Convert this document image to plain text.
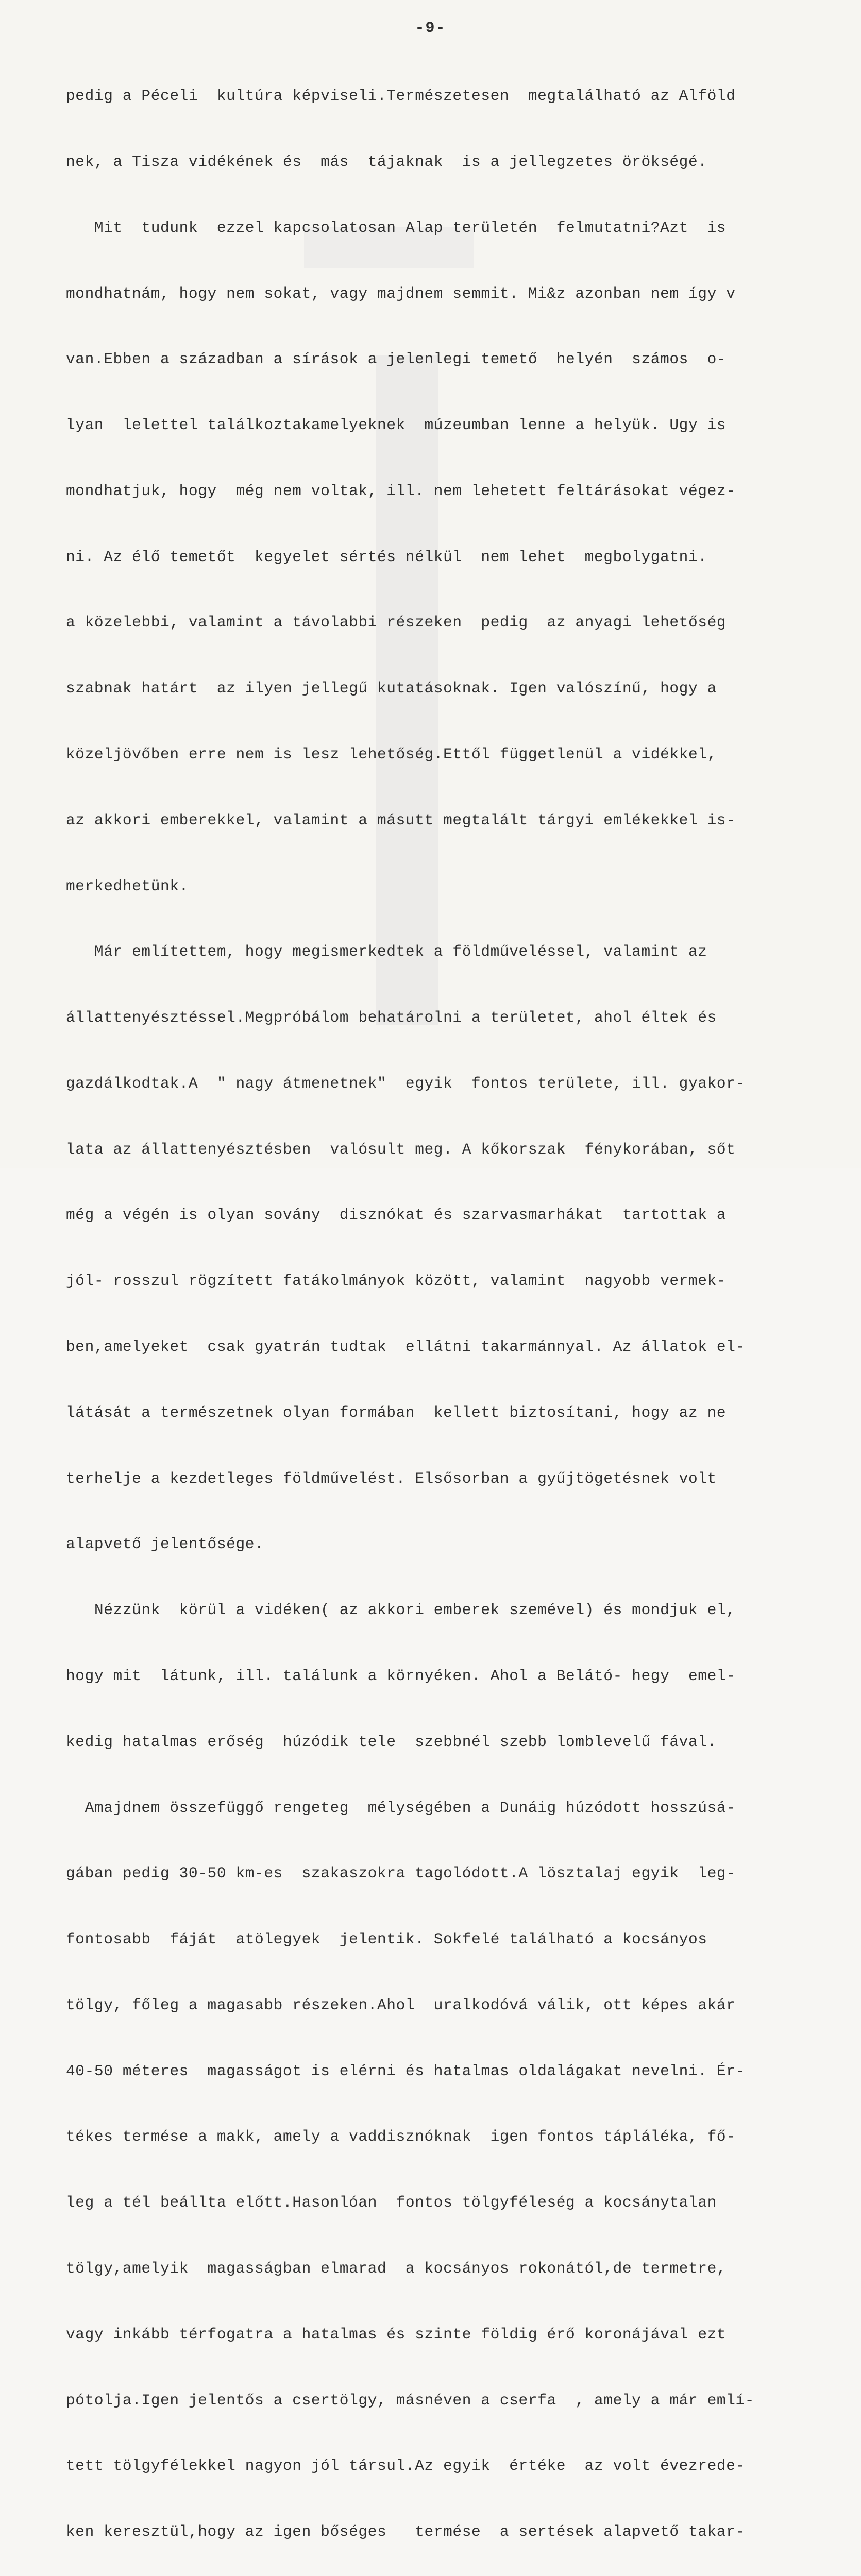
-9-

pedig a Péceli  kultúra képviseli.Természetesen  megtalálható az Alföld

nek, a Tisza vidékének és  más  tájaknak  is a jellegzetes örökségé.

Mit  tudunk  ezzel kapcsolatosan Alap területén  felmutatni?Azt  is

mondhatnám, hogy nem sokat, vagy majdnem semmit. Mi&z azonban nem így v

van.Ebben a században a sírások a jelenlegi temető  helyén  számos  o-

lyan  lelettel találkoztakamelyeknek  múzeumban lenne a helyük. Ugy is

mondhatjuk, hogy  még nem voltak, ill. nem lehetett feltárásokat végez-

ni. Az élő temetőt  kegyelet sértés nélkül  nem lehet  megbolygatni.

a közelebbi, valamint a távolabbi részeken  pedig  az anyagi lehetőség

szabnak határt  az ilyen jellegű kutatásoknak. Igen valószínű, hogy a

közeljövőben erre nem is lesz lehetőség.Ettől függetlenül a vidékkel,

az akkori emberekkel, valamint a másutt megtalált tárgyi emlékekkel is-

merkedhetünk.

Már említettem, hogy megismerkedtek a földműveléssel, valamint az

állattenyésztéssel.Megpróbálom behatárolni a területet, ahol éltek és

gazdálkodtak.A  " nagy átmenetnek"  egyik  fontos területe, ill. gyakor-

lata az állattenyésztésben  valósult meg. A kőkorszak  fénykorában, sőt

még a végén is olyan sovány  disznókat és szarvasmarhákat  tartottak a

jól- rosszul rögzített fatákolmányok között, valamint  nagyobb vermek-

ben,amelyeket  csak gyatrán tudtak  ellátni takarmánnyal. Az állatok el-

látását a természetnek olyan formában  kellett biztosítani, hogy az ne

terhelje a kezdetleges földművelést. Elsősorban a gyűjtögetésnek volt

alapvető jelentősége.

Nézzünk  körül a vidéken( az akkori emberek szemével) és mondjuk el,

hogy mit  látunk, ill. találunk a környéken. Ahol a Belátó- hegy  emel-

kedig hatalmas erőség  húzódik tele  szebbnél szebb lomblevelű fával.

Amajdnem összefüggő rengeteg  mélységében a Dunáig húzódott hosszúsá-

gában pedig 30-50 km-es  szakaszokra tagolódott.A lösztalaj egyik  leg-

fontosabb  fáját  atölegyek  jelentik. Sokfelé található a kocsányos

tölgy, főleg a magasabb részeken.Ahol  uralkodóvá válik, ott képes akár

40-50 méteres  magasságot is elérni és hatalmas oldalágakat nevelni. Ér-

tékes termése a makk, amely a vaddisznóknak  igen fontos tápláléka, fő-

leg a tél beállta előtt.Hasonlóan  fontos tölgyféleség a kocsánytalan

tölgy,amelyik  magasságban elmarad  a kocsányos rokonától,de termetre,

vagy inkább térfogatra a hatalmas és szinte földig érő koronájával ezt

pótolja.Igen jelentős a csertölgy, másnéven a cserfa  , amely a már emlí-

tett tölgyfélekkel nagyon jól társul.Az egyik  értéke  az volt évezrede-

ken keresztül,hogy az igen bőséges   termése  a sertések alapvető takar-
